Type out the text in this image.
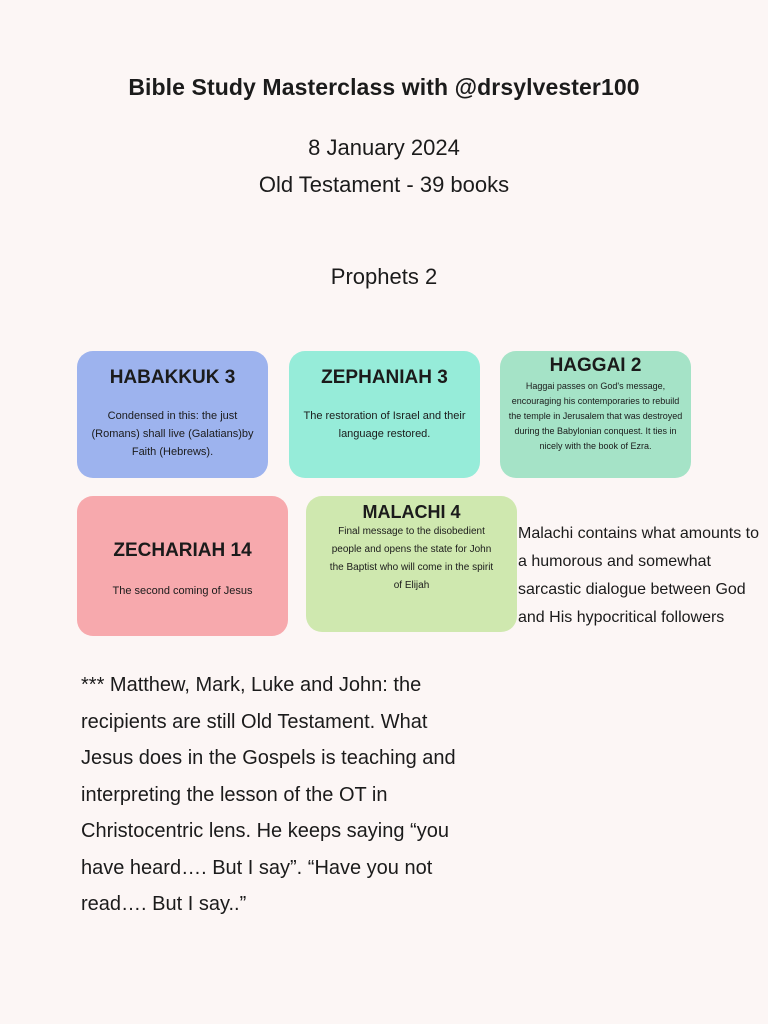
Bible Study Masterclass with @drsylvester100
8 January 2024
Old Testament - 39 books
Prophets 2
HABAKKUK 3
Condensed in this: the just (Romans) shall live (Galatians)by Faith (Hebrews).
ZEPHANIAH 3
The restoration of Israel and their language restored.
HAGGAI 2
Haggai passes on God's message, encouraging his contemporaries to rebuild the temple in Jerusalem that was destroyed during the Babylonian conquest. It ties in nicely with the book of Ezra.
ZECHARIAH 14
The second coming of Jesus
MALACHI 4
Final message to the disobedient people and opens the state for John the Baptist who will come in the spirit of Elijah
Malachi contains what amounts to a humorous and somewhat sarcastic dialogue between God and His hypocritical followers
*** Matthew, Mark, Luke and John: the recipients are still Old Testament. What Jesus does in the Gospels is teaching and interpreting the lesson of the OT in Christocentric lens. He keeps saying “you have heard…. But I say”. “Have you not read…. But I say..”
